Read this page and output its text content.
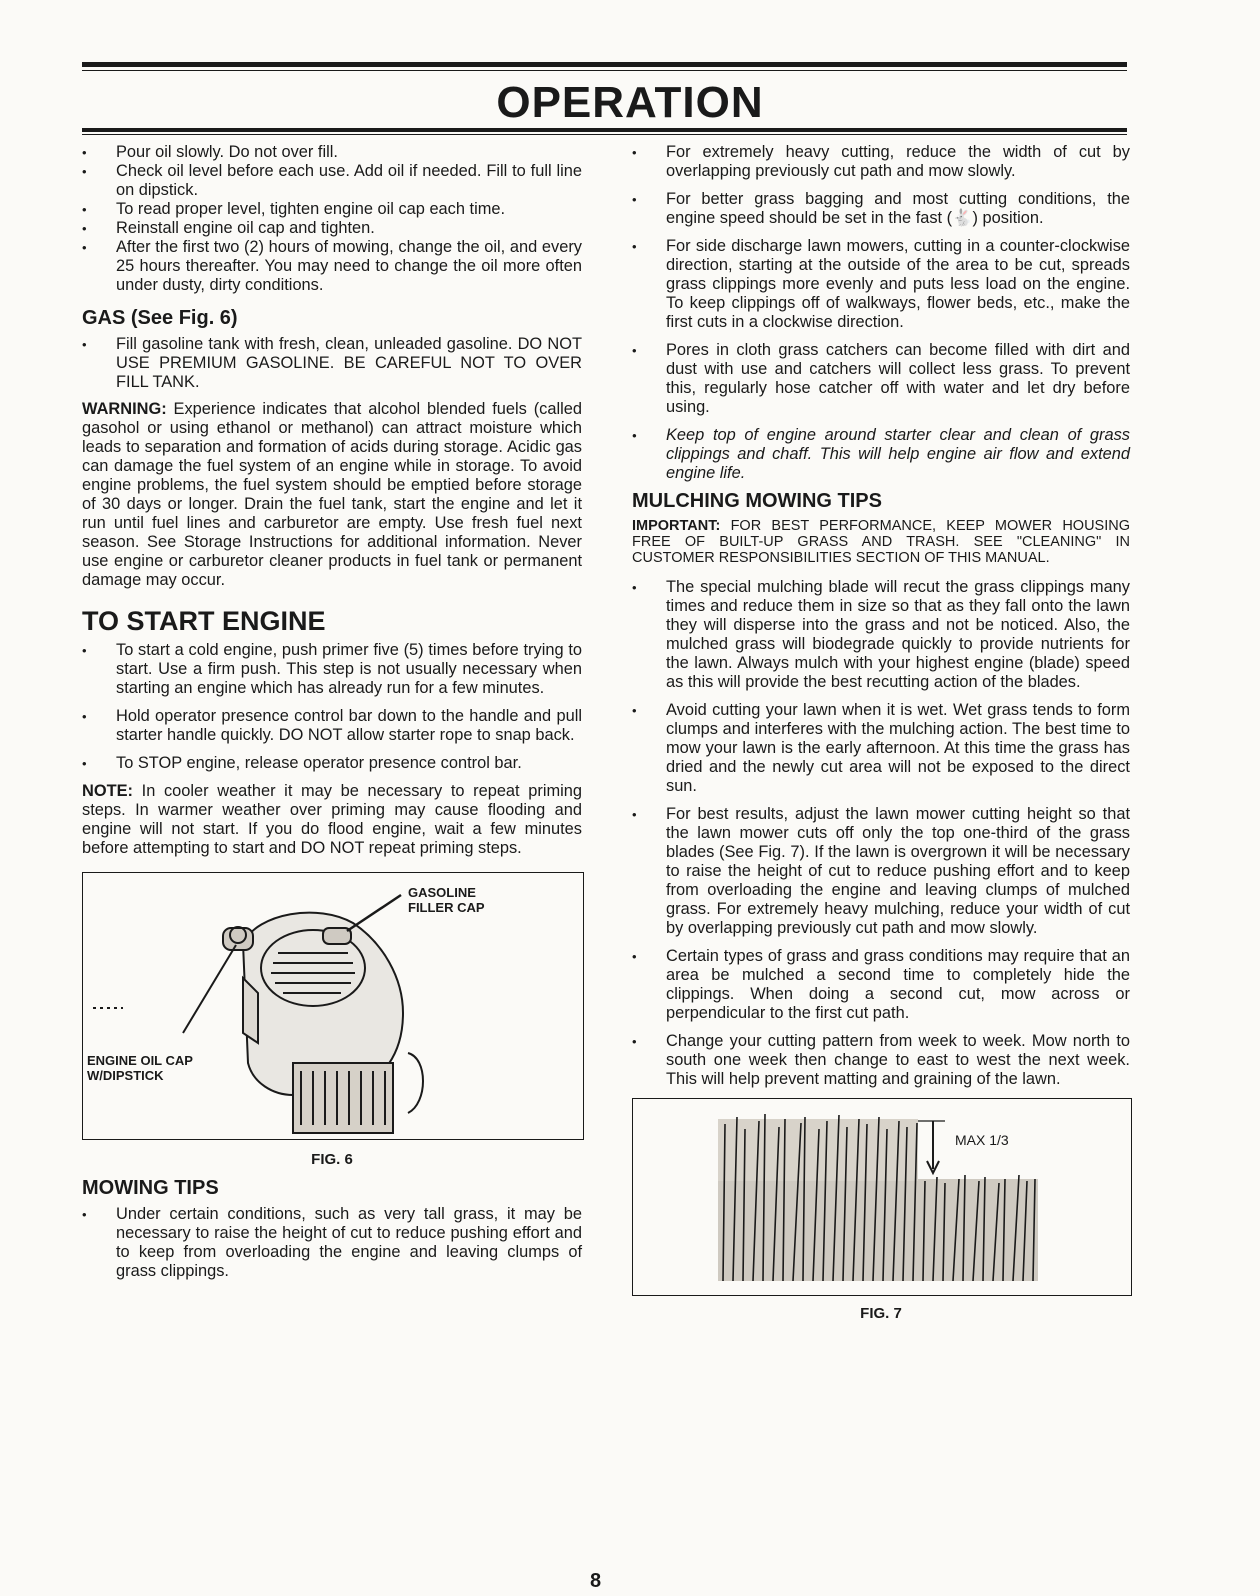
OPERATION
• Pour oil slowly. Do not over fill.
• Check oil level before each use. Add oil if needed. Fill to full line on dipstick.
• To read proper level, tighten engine oil cap each time.
• Reinstall engine oil cap and tighten.
• After the first two (2) hours of mowing, change the oil, and every 25 hours thereafter. You may need to change the oil more often under dusty, dirty conditions.
GAS (See Fig. 6)
• Fill gasoline tank with fresh, clean, unleaded gasoline. DO NOT USE PREMIUM GASOLINE. BE CAREFUL NOT TO OVER FILL TANK.

WARNING: Experience indicates that alcohol blended fuels (called gasohol or using ethanol or methanol) can attract moisture which leads to separation and formation of acids during storage. Acidic gas can damage the fuel system of an engine while in storage. To avoid engine problems, the fuel system should be emptied before storage of 30 days or longer. Drain the fuel tank, start the engine and let it run until fuel lines and carburetor are empty. Use fresh fuel next season. See Storage Instructions for additional information. Never use engine or carburetor cleaner products in fuel tank or permanent damage may occur.

TO START ENGINE
• To start a cold engine, push primer five (5) times before trying to start. Use a firm push. This step is not usually necessary when starting an engine which has already run for a few minutes.
• Hold operator presence control bar down to the handle and pull starter handle quickly. DO NOT allow starter rope to snap back.
• To STOP engine, release operator presence control bar.

NOTE: In cooler weather it may be necessary to repeat priming steps. In warmer weather over priming may cause flooding and engine will not start. If you do flood engine, wait a few minutes before attempting to start and DO NOT repeat priming steps.

GASOLINE
FILLER CAP
ENGINE OIL CAP
W/DIPSTICK
FIG. 6
MOWING TIPS
• Under certain conditions, such as very tall grass, it may be necessary to raise the height of cut to reduce pushing effort and to keep from overloading the engine and leaving clumps of grass clippings.
• For extremely heavy cutting, reduce the width of cut by overlapping previously cut path and mow slowly.
• For better grass bagging and most cutting conditions, the engine speed should be set in the fast (🐇) position.
• For side discharge lawn mowers, cutting in a counter-clockwise direction, starting at the outside of the area to be cut, spreads grass clippings more evenly and puts less load on the engine. To keep clippings off of walkways, flower beds, etc., make the first cuts in a clockwise direction.
• Pores in cloth grass catchers can become filled with dirt and dust with use and catchers will collect less grass. To prevent this, regularly hose catcher off with water and let dry before using.
• Keep top of engine around starter clear and clean of grass clippings and chaff. This will help engine air flow and extend engine life.
MULCHING MOWING TIPS

IMPORTANT: FOR BEST PERFORMANCE, KEEP MOWER HOUSING FREE OF BUILT-UP GRASS AND TRASH. SEE "CLEANING" IN CUSTOMER RESPONSIBILITIES SECTION OF THIS MANUAL.

• The special mulching blade will recut the grass clippings many times and reduce them in size so that as they fall onto the lawn they will disperse into the grass and not be noticed. Also, the mulched grass will biodegrade quickly to provide nutrients for the lawn. Always mulch with your highest engine (blade) speed as this will provide the best recutting action of the blades.
• Avoid cutting your lawn when it is wet. Wet grass tends to form clumps and interferes with the mulching action. The best time to mow your lawn is the early afternoon. At this time the grass has dried and the newly cut area will not be exposed to the direct sun.
• For best results, adjust the lawn mower cutting height so that the lawn mower cuts off only the top one-third of the grass blades (See Fig. 7). If the lawn is overgrown it will be necessary to raise the height of cut to reduce pushing effort and to keep from overloading the engine and leaving clumps of mulched grass. For extremely heavy mulching, reduce your width of cut by overlapping previously cut path and mow slowly.
• Certain types of grass and grass conditions may require that an area be mulched a second time to completely hide the clippings. When doing a second cut, mow across or perpendicular to the first cut path.
• Change your cutting pattern from week to week. Mow north to south one week then change to east to west the next week. This will help prevent matting and graining of the lawn.
MAX 1/3
FIG. 7
8
